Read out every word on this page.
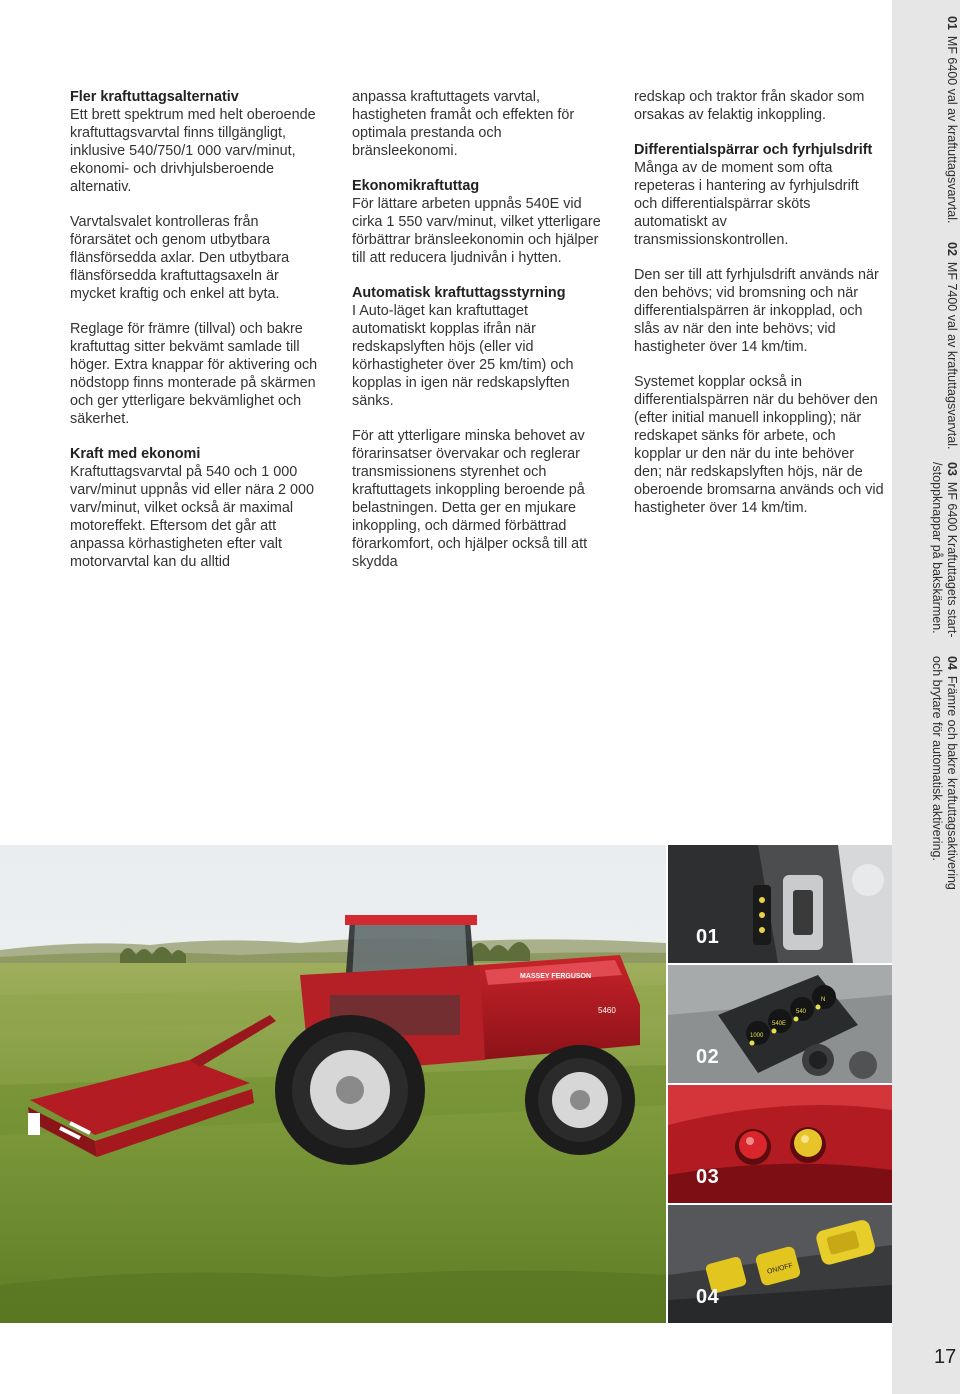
Fler kraftuttagsalternativ

Ett brett spektrum med helt oberoende kraftuttagsvarvtal finns tillgängligt, inklusive 540/750/1 000 varv/minut, ekonomi- och drivhjulsberoende alternativ.

Varvtalsvalet kontrolleras från förarsätet och genom utbytbara flänsförsedda axlar. Den utbytbara flänsförsedda kraftuttagsaxeln är mycket kraftig och enkel att byta.

Reglage för främre (tillval) och bakre kraftuttag sitter bekvämt samlade till höger. Extra knappar för aktivering och nödstopp finns monterade på skärmen och ger ytterligare bekvämlighet och säkerhet.

Kraft med ekonomi

Kraftuttagsvarvtal på 540 och 1 000 varv/minut uppnås vid eller nära 2 000 varv/minut, vilket också är maximal motoreffekt. Eftersom det går att anpassa körhastigheten efter valt motorvarvtal kan du alltid

anpassa kraftuttagets varvtal, hastigheten framåt och effekten för optimala prestanda och bränsleekonomi.

Ekonomikraftuttag

För lättare arbeten uppnås 540E vid cirka 1 550 varv/minut, vilket ytterligare förbättrar bränsleekonomin och hjälper till att reducera ljudnivån i hytten.

Automatisk kraftuttagsstyrning

I Auto-läget kan kraftuttaget automatiskt kopplas ifrån när redskapslyften höjs (eller vid körhastigheter över 25 km/tim) och kopplas in igen när redskapslyften sänks.

För att ytterligare minska behovet av förarinsatser övervakar och reglerar transmissionens styrenhet och kraftuttagets inkoppling beroende på belastningen. Detta ger en mjukare inkoppling, och därmed förbättrad förarkomfort, och hjälper också till att skydda

redskap och traktor från skador som orsakas av felaktig inkoppling.

Differentialspärrar och fyrhjulsdrift

Många av de moment som ofta repeteras i hantering av fyrhjulsdrift och differentialspärrar sköts automatiskt av transmissionskontrollen.

Den ser till att fyrhjulsdrift används när den behövs; vid bromsning och när differentialspärren är inkopplad, och slås av när den inte behövs; vid hastigheter över 14 km/tim.

Systemet kopplar också in differentialspärren när du behöver den (efter initial manuell inkoppling); när redskapet sänks för arbete, och kopplar ur den när du inte behöver den; när redskapslyften höjs, när de oberoende bromsarna används och vid hastigheter över 14 km/tim.

01MF 6400 val av kraftuttagsvarvtal.
02MF 7400 val av kraftuttagsvarvtal.
03MF 6400 Kraftuttagets start-
/stoppknappar på bakskärmen.
04Främre och bakre kraftuttagsaktivering
och brytare för automatisk aktivering.
17
MASSEY FERGUSON
5460
01
1000
540E
540
N
02
03
ON/OFF
04
